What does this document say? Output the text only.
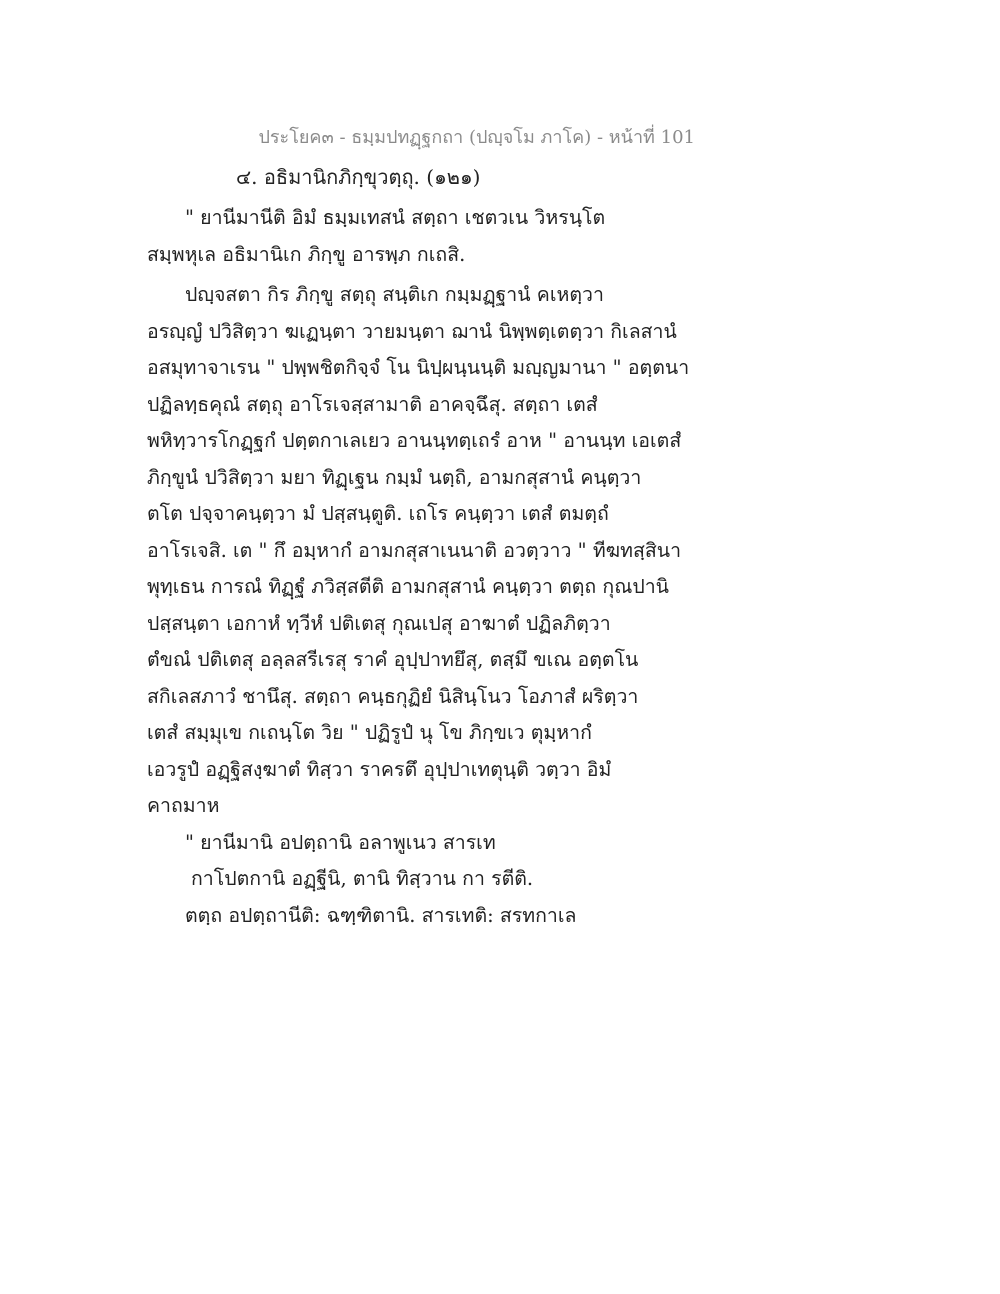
ประโยค๓ - ธมฺมปทฏฺฐกถา (ปญฺจโม ภาโค) - หน้าที่ 101
๔. อธิมานิกภิกฺขุวตฺถุ. (๑๒๑)
" ยานีมานีติ อิมํ ธมฺมเทสนํ สตฺถา เชตวเน วิหรนฺโต
สมฺพหุเล อธิมานิเก ภิกฺขู อารพฺภ กเถสิ.
ปญฺจสตา กิร ภิกฺขู สตฺถุ สนฺติเก กมฺมฏฺฐานํ คเหตฺวา
อรญฺญํ ปวิสิตฺวา ฆเฏนฺตา วายมนฺตา ฌานํ นิพฺพตฺเตตฺวา กิเลสานํ
อสมุทาจาเรน " ปพฺพชิตกิจฺจํ โน นิปฺผนฺนนฺติ มญฺญมานา " อตฺตนา
ปฏิลทฺธคุณํ สตฺถุ อาโรเจสฺสามาติ อาคจฺฉึสุ. สตฺถา เตสํ
พหิทฺวารโกฏฺฐกํ ปตฺตกาเลเยว อานนฺทตฺเถรํ อาห " อานนฺท เอเตสํ
ภิกฺขูนํ ปวิสิตฺวา มยา ทิฏฺเฐน กมฺมํ นตฺถิ, อามกสุสานํ คนฺตฺวา
ตโต ปจฺจาคนฺตฺวา มํ ปสฺสนฺตูติ. เถโร คนฺตฺวา เตสํ ตมตฺถํ
อาโรเจสิ. เต " กึ อมฺหากํ อามกสุสาเนนาติ อวตฺวาว " ทีฆทสฺสินา
พุทฺเธน การณํ ทิฏฺฐํ ภวิสฺสตีติ อามกสุสานํ คนฺตฺวา ตตฺถ กุณปานิ
ปสฺสนฺตา เอกาหํ ทฺวีหํ ปติเตสุ กุณเปสุ อาฆาตํ ปฏิลภิตฺวา
ตํขณํ ปติเตสุ อลฺลสรีเรสุ ราคํ อุปฺปาทยึสุ, ตสฺมึ ขเณ อตฺตโน
สกิเลสภาวํ ชานึสุ. สตฺถา คนฺธกุฏิยํ นิสินฺโนว โอภาสํ ผริตฺวา
เตสํ สมฺมุเข กเถนฺโต วิย " ปฏิรูปํ นุ โข ภิกฺขเว ตุมฺหากํ
เอวรูปํ อฏฺฐิสงฺฆาตํ ทิสฺวา ราครตึ อุปฺปาเทตุนฺติ วตฺวา อิมํ
คาถมาห
" ยานีมานิ อปตฺถานิ อลาพูเนว สารเท
กาโปตกานิ อฏฺฐีนิ, ตานิ ทิสฺวาน กา รตีติ.
ตตฺถ อปตฺถานีติ: ฉฑฺฑิตานิ. สารเทติ: สรทกาเล
